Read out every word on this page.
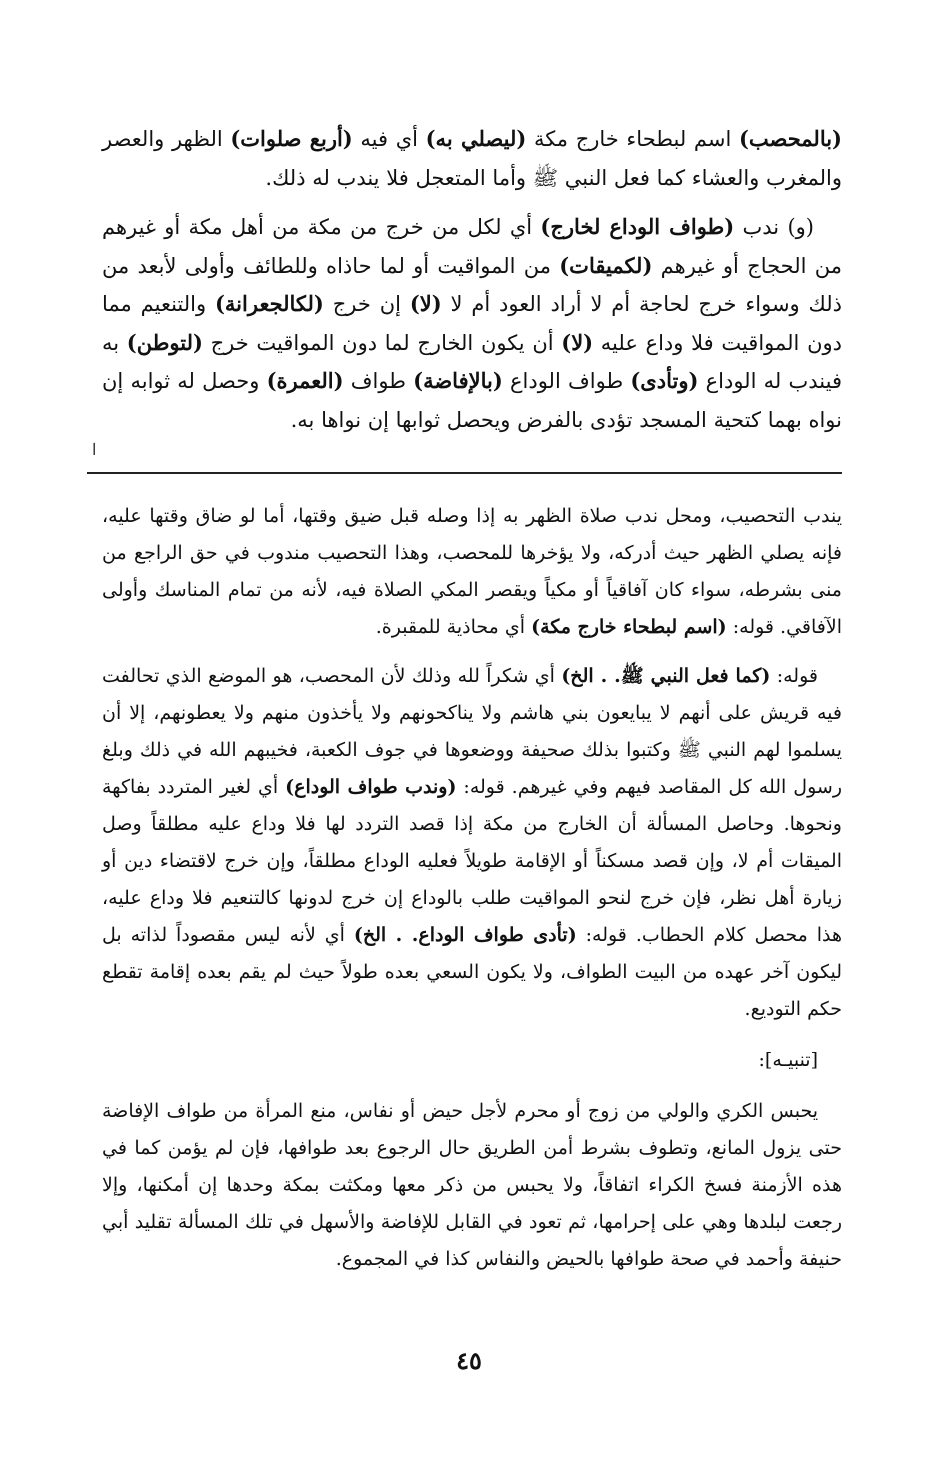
(بالمحصب) اسم لبطحاء خارج مكة (ليصلي به) أي فيه (أربع صلوات) الظهر والعصر والمغرب والعشاء كما فعل النبي ﷺ وأما المتعجل فلا يندب له ذلك.

(و) ندب (طواف الوداع لخارج) أي لكل من خرج من مكة من أهل مكة أو غيرهم من الحجاج أو غيرهم (لكميقات) من المواقيت أو لما حاذاه وللطائف وأولى لأبعد من ذلك وسواء خرج لحاجة أم لا أراد العود أم لا (لا) إن خرج (لكالجعرانة) والتنعيم مما دون المواقيت فلا وداع عليه (لا) أن يكون الخارج لما دون المواقيت خرج (لتوطن) به فيندب له الوداع (وتأدى) طواف الوداع (بالإفاضة) طواف (العمرة) وحصل له ثوابه إن نواه بهما كتحية المسجد تؤدى بالفرض ويحصل ثوابها إن نواها به.

ا

يندب التحصيب، ومحل ندب صلاة الظهر به إذا وصله قبل ضيق وقتها، أما لو ضاق وقتها عليه، فإنه يصلي الظهر حيث أدركه، ولا يؤخرها للمحصب، وهذا التحصيب مندوب في حق الراجع من منى بشرطه، سواء كان آفاقياً أو مكياً ويقصر المكي الصلاة فيه، لأنه من تمام المناسك وأولى الآفاقي. قوله: (اسم لبطحاء خارج مكة) أي محاذية للمقبرة.

قوله: (كما فعل النبي ﷺ. . الخ) أي شكراً لله وذلك لأن المحصب، هو الموضع الذي تحالفت فيه قريش على أنهم لا يبايعون بني هاشم ولا يناكحونهم ولا يأخذون منهم ولا يعطونهم، إلا أن يسلموا لهم النبي ﷺ وكتبوا بذلك صحيفة ووضعوها في جوف الكعبة، فخيبهم الله في ذلك وبلغ رسول الله كل المقاصد فيهم وفي غيرهم. قوله: (وندب طواف الوداع) أي لغير المتردد بفاكهة ونحوها. وحاصل المسألة أن الخارج من مكة إذا قصد التردد لها فلا وداع عليه مطلقاً وصل الميقات أم لا، وإن قصد مسكناً أو الإقامة طويلاً فعليه الوداع مطلقاً، وإن خرج لاقتضاء دين أو زيارة أهل نظر، فإن خرج لنحو المواقيت طلب بالوداع إن خرج لدونها كالتنعيم فلا وداع عليه، هذا محصل كلام الحطاب. قوله: (تأدى طواف الوداع. . الخ) أي لأنه ليس مقصوداً لذاته بل ليكون آخر عهده من البيت الطواف، ولا يكون السعي بعده طولاً حيث لم يقم بعده إقامة تقطع حكم التوديع.

[تنبيـه]:

يحبس الكري والولي من زوج أو محرم لأجل حيض أو نفاس، منع المرأة من طواف الإفاضة حتى يزول المانع، وتطوف بشرط أمن الطريق حال الرجوع بعد طوافها، فإن لم يؤمن كما في هذه الأزمنة فسخ الكراء اتفاقاً، ولا يحبس من ذكر معها ومكثت بمكة وحدها إن أمكنها، وإلا رجعت لبلدها وهي على إحرامها، ثم تعود في القابل للإفاضة والأسهل في تلك المسألة تقليد أبي حنيفة وأحمد في صحة طوافها بالحيض والنفاس كذا في المجموع.

٤٥
